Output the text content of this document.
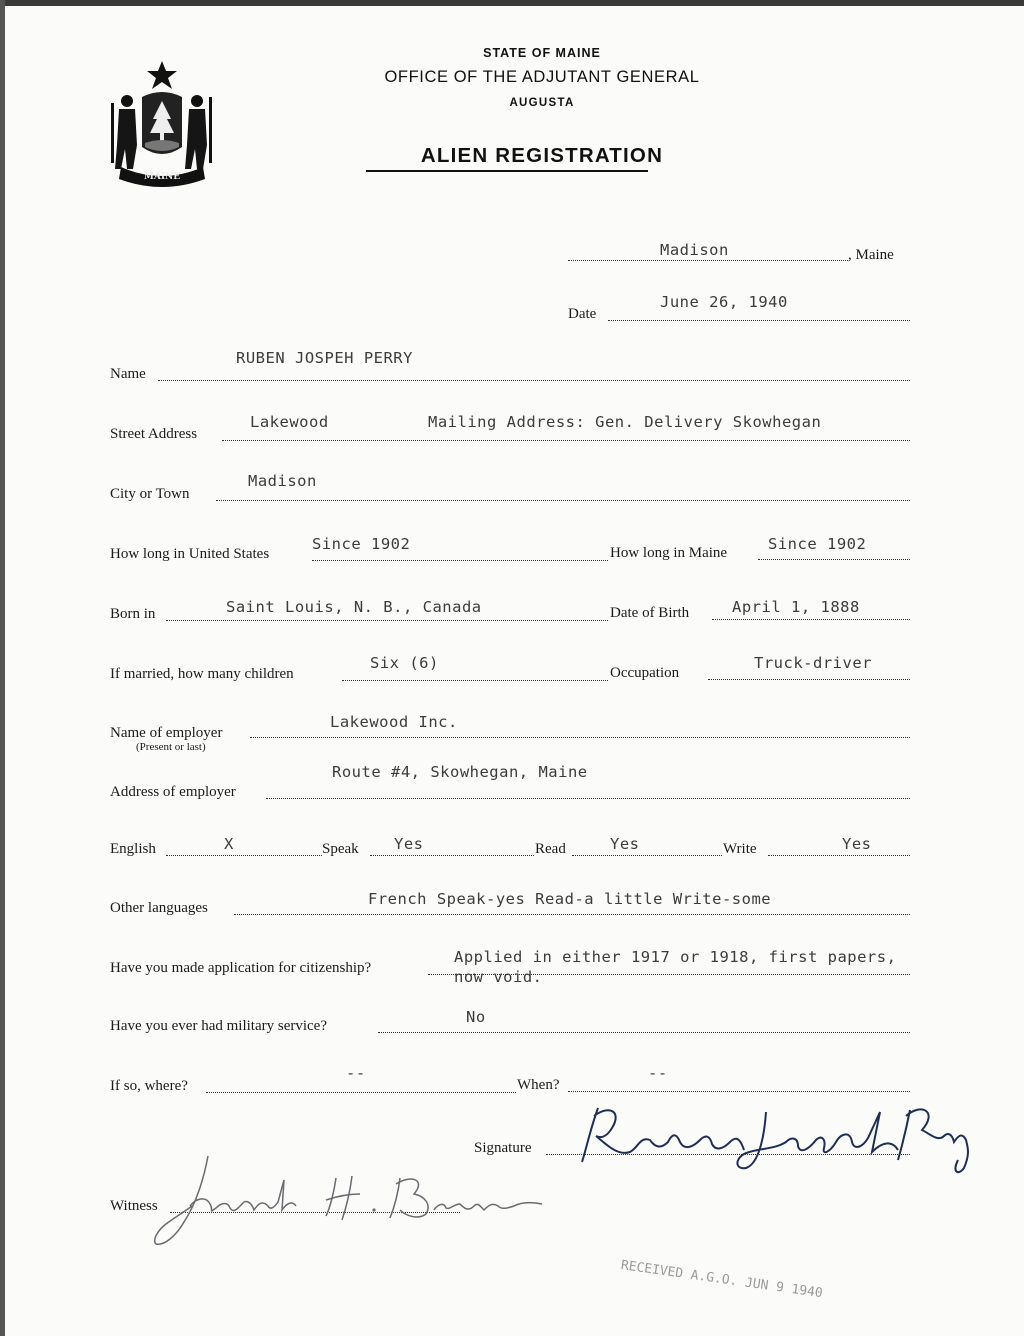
MAINE
STATE OF MAINE
OFFICE OF THE ADJUTANT GENERAL
AUGUSTA
ALIEN REGISTRATION
Madison	, Maine
Date
June 26, 1940
Name
RUBEN JOSPEH PERRY
Street Address
Lakewood	Mailing Address: Gen. Delivery Skowhegan
City or Town
Madison
How long in United States
Since 1902	How long in Maine	Since 1902
Born in	Saint Louis, N. B., Canada	Date of Birth	April 1, 1888
If married, how many children
Six (6)
Occupation
Truck-driver
Name of employer
(Present or last)
Lakewood Inc.
Address of employer
Route #4, Skowhegan, Maine
English	X	Speak Yes	Read	Yes	Write	Yes
Other languages	French Speak-yes Read-a little Write-some
Have you made application for citizenship?
Applied in either 1917 or 1918, first papers,
now void.
Have you ever had military service?	No
If so, where?
--
When?
--
Signature
Witness
RECEIVED A.G.O. JUN 9 1940
